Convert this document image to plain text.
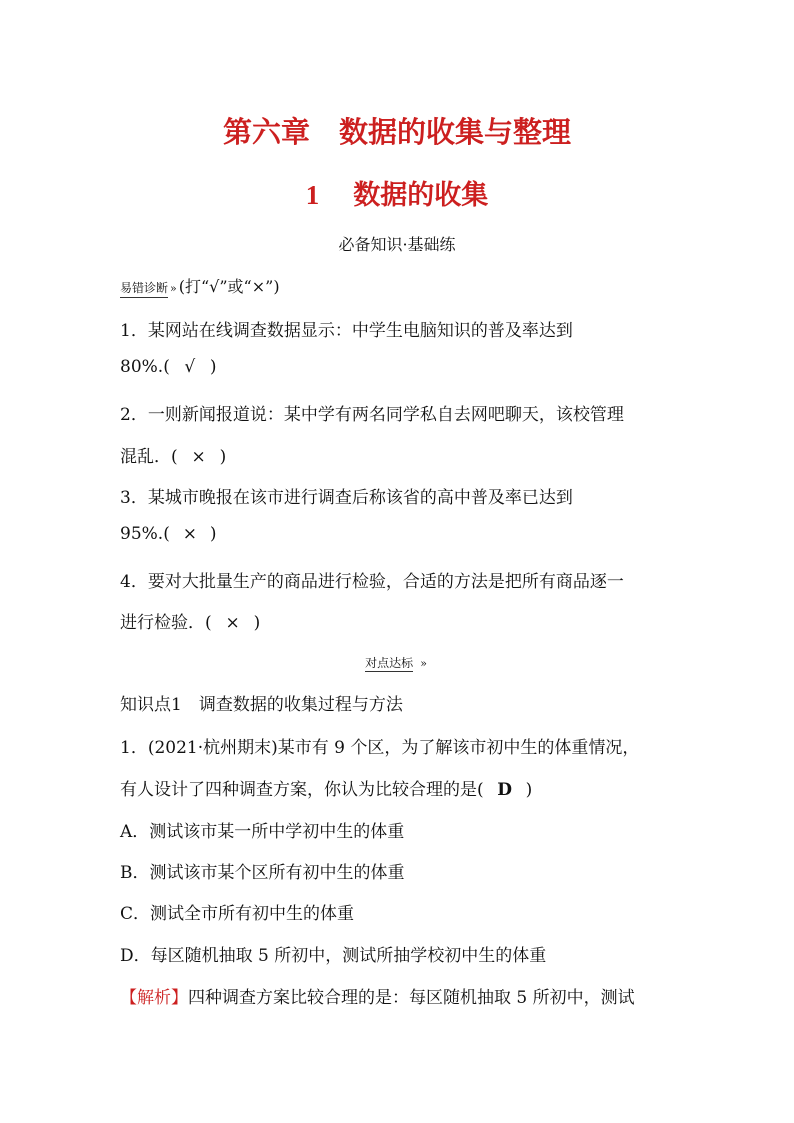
第六章　数据的收集与整理
1 数据的收集
必备知识·基础练
易错诊断 » (打“√”或“×”)
1．某网站在线调查数据显示：中学生电脑知识的普及率达到
80%.( √ )
2．一则新闻报道说：某中学有两名同学私自去网吧聊天，该校管理
混乱．( × )
3．某城市晚报在该市进行调查后称该省的高中普及率已达到
95%.( × )
4．要对大批量生产的商品进行检验，合适的方法是把所有商品逐一
进行检验．( × )
对点达标 »
知识点1　调查数据的收集过程与方法
1．(2021·杭州期末)某市有 9 个区，为了解该市初中生的体重情况，
有人设计了四种调查方案，你认为比较合理的是( D )
A．测试该市某一所中学初中生的体重
B．测试该市某个区所有初中生的体重
C．测试全市所有初中生的体重
D．每区随机抽取 5 所初中，测试所抽学校初中生的体重
【解析】四种调查方案比较合理的是：每区随机抽取 5 所初中，测试
